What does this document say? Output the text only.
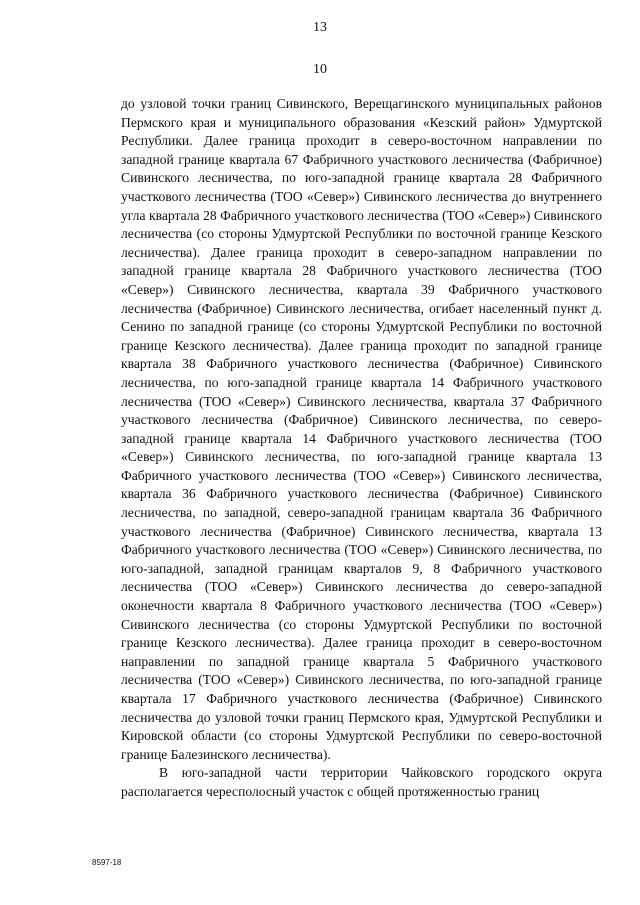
13
10

до узловой точки границ Сивинского, Верещагинского муниципальных районов Пермского края и муниципального образования «Кезский район» Удмуртской Республики. Далее граница проходит в северо-восточном направлении по западной границе квартала 67 Фабричного участкового лесничества (Фабричное) Сивинского лесничества, по юго-западной границе квартала 28 Фабричного участкового лесничества (ТОО «Север») Сивинского лесничества до внутреннего угла квартала 28 Фабричного участкового лесничества (ТОО «Север») Сивинского лесничества (со стороны Удмуртской Республики по восточной границе Кезского лесничества). Далее граница проходит в северо-западном направлении по западной границе квартала 28 Фабричного участкового лесничества (ТОО «Север») Сивинского лесничества, квартала 39 Фабричного участкового лесничества (Фабричное) Сивинского лесничества, огибает населенный пункт д. Сенино по западной границе (со стороны Удмуртской Республики по восточной границе Кезского лесничества). Далее граница проходит по западной границе квартала 38 Фабричного участкового лесничества (Фабричное) Сивинского лесничества, по юго-западной границе квартала 14 Фабричного участкового лесничества (ТОО «Север») Сивинского лесничества, квартала 37 Фабричного участкового лесничества (Фабричное) Сивинского лесничества, по северо-западной границе квартала 14 Фабричного участкового лесничества (ТОО «Север») Сивинского лесничества, по юго-западной границе квартала 13 Фабричного участкового лесничества (ТОО «Север») Сивинского лесничества, квартала 36 Фабричного участкового лесничества (Фабричное) Сивинского лесничества, по западной, северо-западной границам квартала 36 Фабричного участкового лесничества (Фабричное) Сивинского лесничества, квартала 13 Фабричного участкового лесничества (ТОО «Север») Сивинского лесничества, по юго-западной, западной границам кварталов 9, 8 Фабричного участкового лесничества (ТОО «Север») Сивинского лесничества до северо-западной оконечности квартала 8 Фабричного участкового лесничества (ТОО «Север») Сивинского лесничества (со стороны Удмуртской Республики по восточной границе Кезского лесничества). Далее граница проходит в северо-восточном направлении по западной границе квартала 5 Фабричного участкового лесничества (ТОО «Север») Сивинского лесничества, по юго-западной границе квартала 17 Фабричного участкового лесничества (Фабричное) Сивинского лесничества до узловой точки границ Пермского края, Удмуртской Республики и Кировской области (со стороны Удмуртской Республики по северо-восточной границе Балезинского лесничества).

В юго-западной части территории Чайковского городского округа располагается чересполосный участок с общей протяженностью границ

8597-18
